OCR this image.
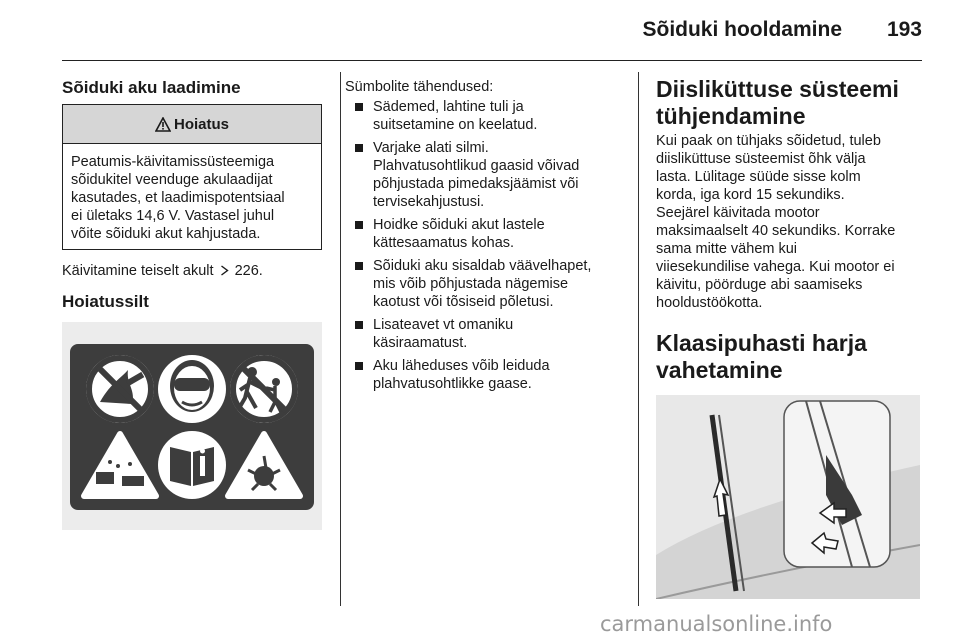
Sõiduki hooldamine 193
Sõiduki aku laadimine
Hoiatus
Peatumis-käivitamissüsteemiga
sõidukitel veenduge akulaadijat
kasutades, et laadimispotentsiaal
ei ületaks 14,6 V. Vastasel juhul
võite sõiduki akut kahjustada.
Käivitamine teiselt akult 226.
Hoiatussilt
Sümbolite tähendused:
Sädemed, lahtine tuli ja
suitsetamine on keelatud.
Varjake alati silmi.
Plahvatusohtlikud gaasid võivad
põhjustada pimedaksjäämist või
tervisekahjustusi.
Hoidke sõiduki akut lastele
kättesaamatus kohas.
Sõiduki aku sisaldab väävelhapet,
mis võib põhjustada nägemise
kaotust või tõsiseid põletusi.
Lisateavet vt omaniku
käsiraamatust.
Aku läheduses võib leiduda
plahvatusohtlikke gaase.
Diisliküttuse süsteemi
tühjendamine
Kui paak on tühjaks sõidetud, tuleb
diisliküttuse süsteemist õhk välja
lasta. Lülitage süüde sisse kolm
korda, iga kord 15 sekundiks.
Seejärel käivitada mootor
maksimaalselt 40 sekundiks. Korrake
sama mitte vähem kui
viiesekundilise vahega. Kui mootor ei
käivitu, pöörduge abi saamiseks
hooldustöökotta.
Klaasipuhasti harja
vahetamine
carmanualsonline.info
